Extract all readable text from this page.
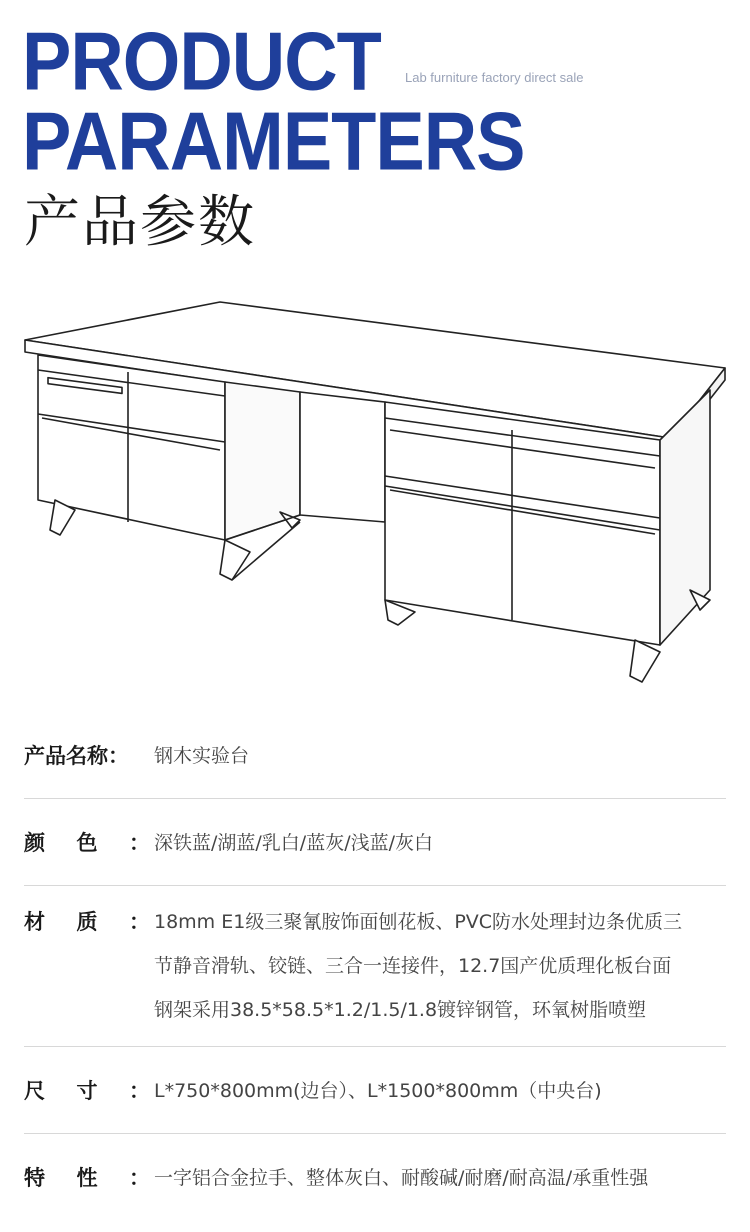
PRODUCT
PARAMETERS
Lab furniture factory direct sale
产品参数
产品名称 ： 钢木实验台
颜 色 ： 深铁蓝/湖蓝/乳白/蓝灰/浅蓝/灰白
材 质 ： 18mm E1级三聚氰胺饰面刨花板、PVC防水处理封边条优质三
节静音滑轨、铰链、三合一连接件，12.7国产优质理化板台面
钢架采用38.5*58.5*1.2/1.5/1.8镀锌钢管，环氧树脂喷塑
尺 寸 ： L*750*800mm(边台）、L*1500*800mm（中央台)
特 性 ： 一字铝合金拉手、整体灰白、耐酸碱/耐磨/耐高温/承重性强
